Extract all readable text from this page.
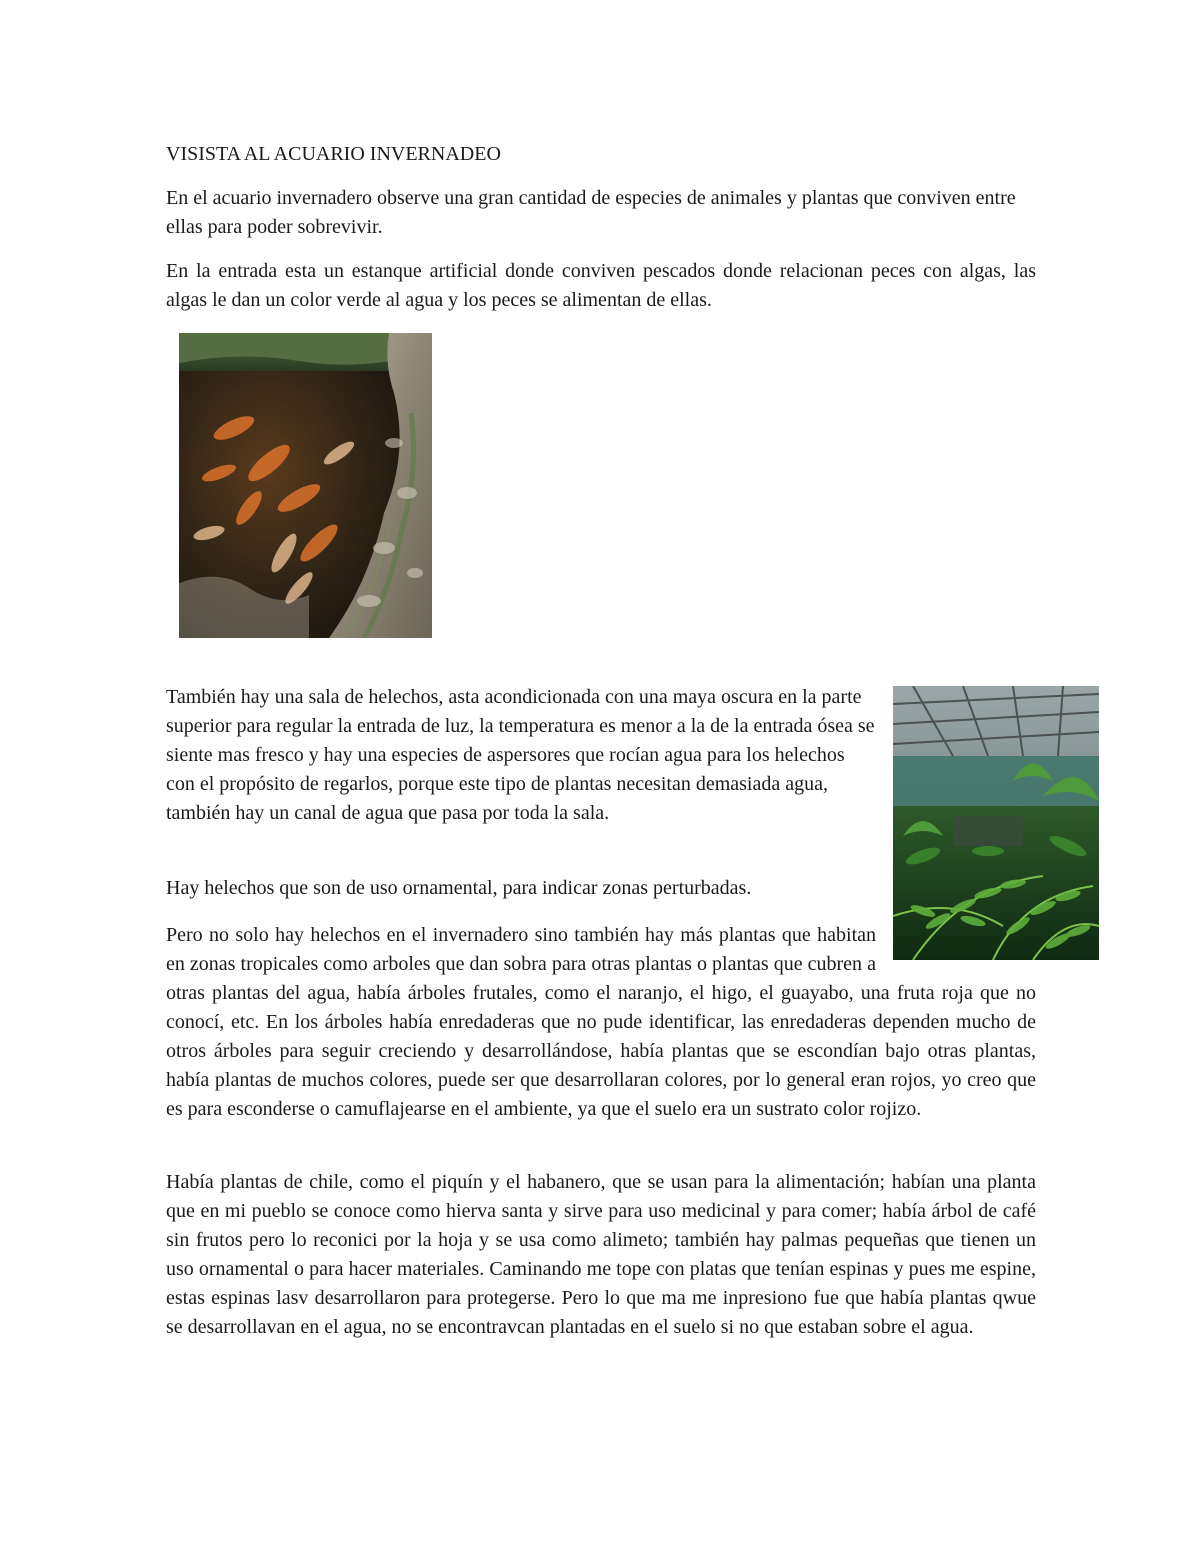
VISISTA AL ACUARIO INVERNADEO

En el acuario invernadero observe una gran cantidad de especies de animales y plantas que conviven entre ellas para poder sobrevivir.

En la entrada esta un estanque artificial donde conviven pescados donde relacionan peces con algas, las algas le dan un color verde al agua y los peces se alimentan de ellas.

También hay una sala de helechos, asta acondicionada con una maya oscura en la parte superior para regular la entrada de luz, la temperatura es menor a la de la entrada ósea se siente mas fresco y hay una especies de aspersores que rocían agua para los helechos con el propósito de regarlos, porque este tipo de plantas necesitan demasiada agua, también hay un canal de agua que pasa por toda la sala.

Hay helechos que son de uso ornamental, para indicar zonas perturbadas.

Pero no solo hay helechos en el invernadero sino también hay más plantas que habitan en zonas tropicales como arboles que dan sobra para otras plantas o plantas que cubren a otras plantas del agua, había árboles frutales, como el naranjo, el higo, el guayabo, una fruta roja que no conocí, etc. En los árboles había enredaderas que no pude identificar, las enredaderas dependen mucho de otros árboles para seguir creciendo y desarrollándose, había plantas que se escondían bajo otras plantas, había plantas de muchos colores, puede ser que desarrollaran colores, por lo general eran rojos, yo creo que es para esconderse o camuflajearse en el ambiente, ya que el suelo era un sustrato color rojizo.

Había plantas de chile, como el piquín y el habanero, que se usan para la alimentación; habían una planta que en mi pueblo se conoce como hierva santa y sirve para uso medicinal y para comer; había árbol de café sin frutos pero lo reconici por la hoja y se usa como alimeto; también hay palmas pequeñas que tienen un uso ornamental o para hacer materiales. Caminando me tope con platas que tenían espinas y pues me espine, estas espinas lasv desarrollaron para protegerse. Pero lo que ma me inpresiono fue que había plantas qwue se desarrollavan en el agua, no se encontravcan plantadas en el suelo si no que estaban sobre el agua.
